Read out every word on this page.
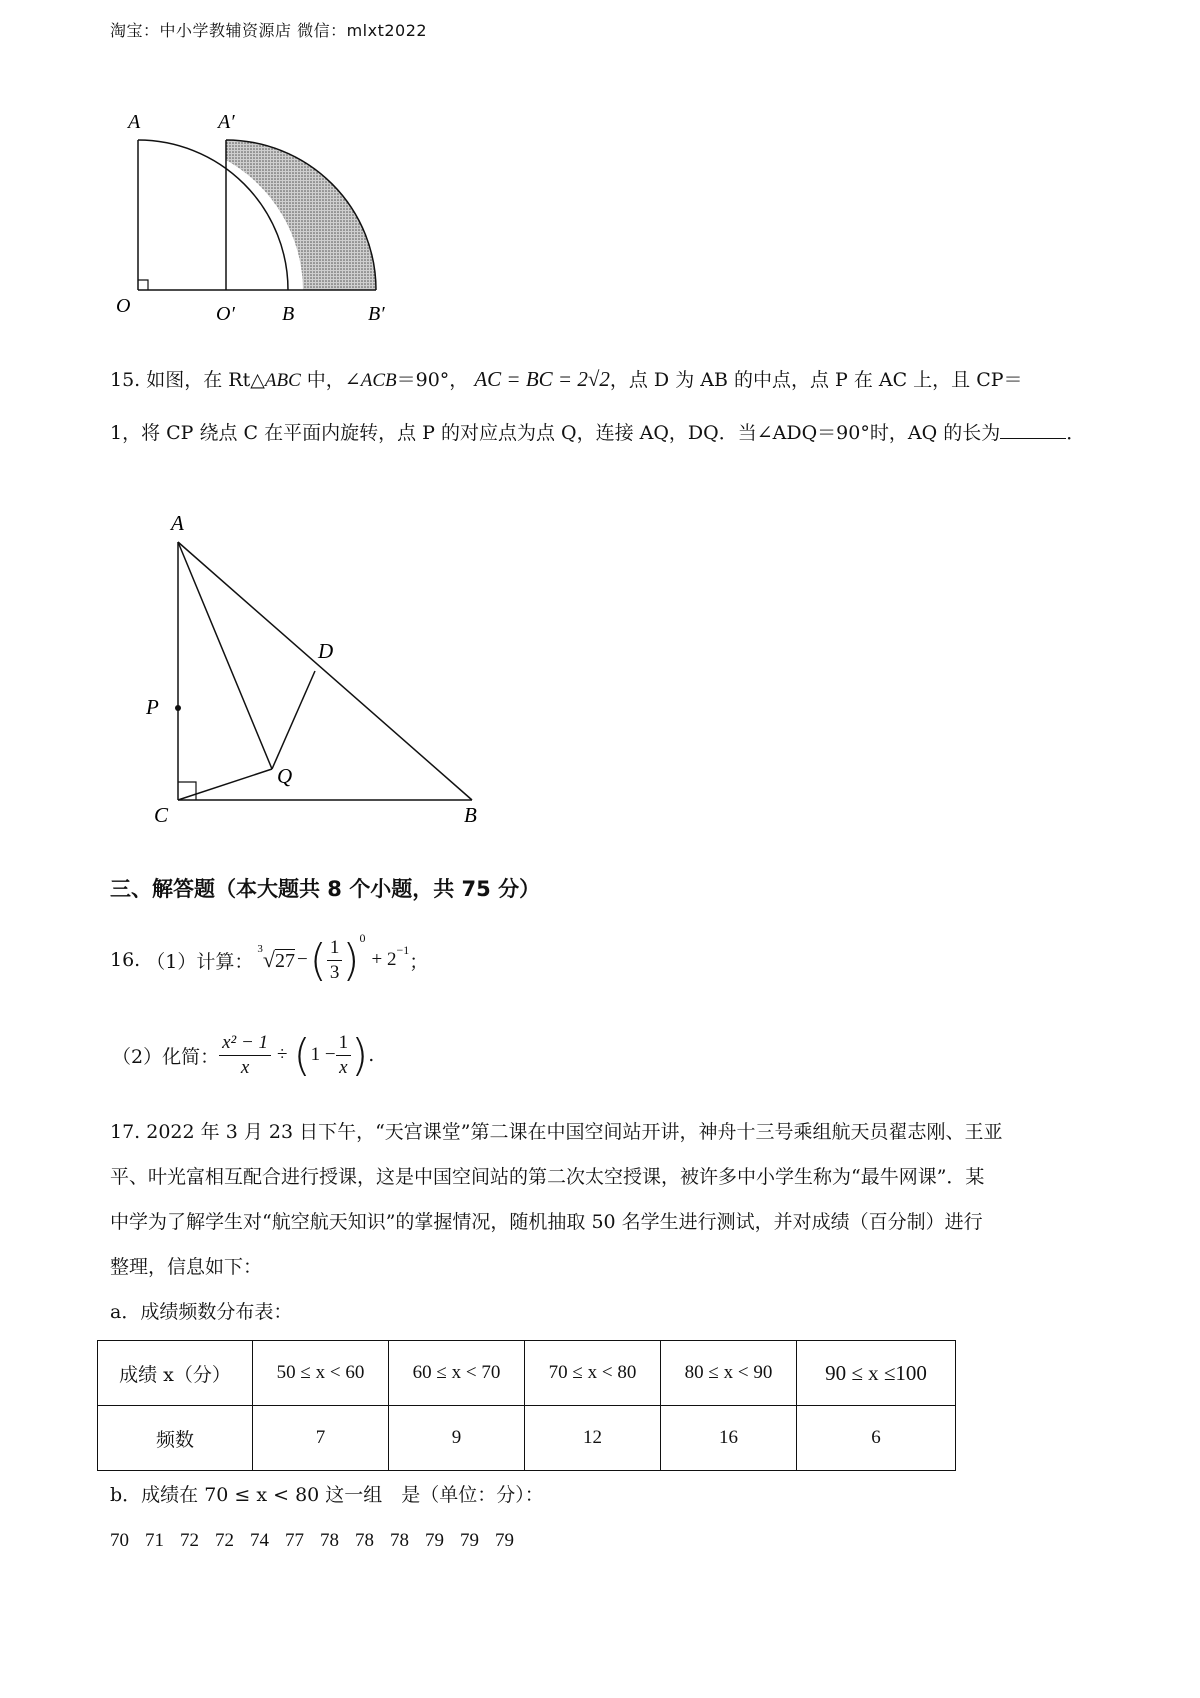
淘宝：中小学教辅资源店 微信：mlxt2022
A	A′
O	O′ B	B′
15. 如图，在 Rt△ABC 中，∠ACB＝90°， AC = BC = 2√2，点 D 为 AB 的中点，点 P 在 AC 上，且 CP＝
1，将 CP 绕点 C 在平面内旋转，点 P 的对应点为点 Q，连接 AQ，DQ．当∠ADQ＝90°时，AQ 的长为	．
A
D
P
Q
C	B
三、解答题（本大题共 8 个小题，共 75 分）
16.
（1）计算：
$^3$√27 − ( $\frac{1}{3} )^0$
+ $2^{-1}$
；
（2）化简： $\frac{\text{x² − 1}}{x}$ ÷ ( $1 - \frac{1}{x}$ ) .
17. 2022 年 3 月 23 日下午，“天宫课堂”第二课在中国空间站开讲，神舟十三号乘组航天员翟志刚、王亚
平、叶光富相互配合进行授课，这是中国空间站的第二次太空授课，被许多中小学生称为“最牛网课”．某
中学为了解学生对“航空航天知识”的掌握情况，随机抽取 50 名学生进行测试，并对成绩（百分制）进行
整理，信息如下：
a．成绩频数分布表：
成绩 x（分）	50 ≤ x < 60	60 ≤ x < 70	70 ≤ x < 80	80 ≤ x < 90	90 ≤ x ≤100
频数	7	9	12	16	6
b．成绩在 70 ≤ x < 80 这一组　是（单位：分）：
70 71 72 72 74 77 78 78 78 79 79 79
